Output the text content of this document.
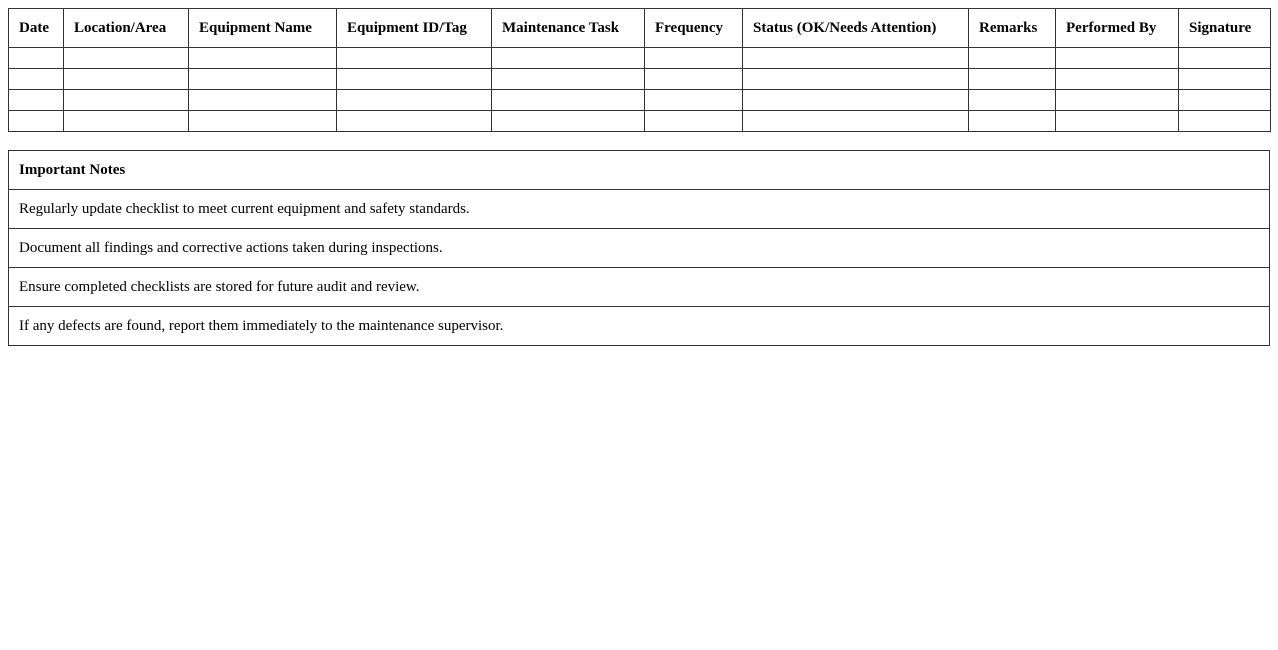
Date	Location/Area	Equipment Name	Equipment ID/Tag	Maintenance Task	Frequency	Status (OK/Needs Attention)	Remarks	Performed By	Signature

Important Notes
Regularly update checklist to meet current equipment and safety standards.
Document all findings and corrective actions taken during inspections.
Ensure completed checklists are stored for future audit and review.
If any defects are found, report them immediately to the maintenance supervisor.
